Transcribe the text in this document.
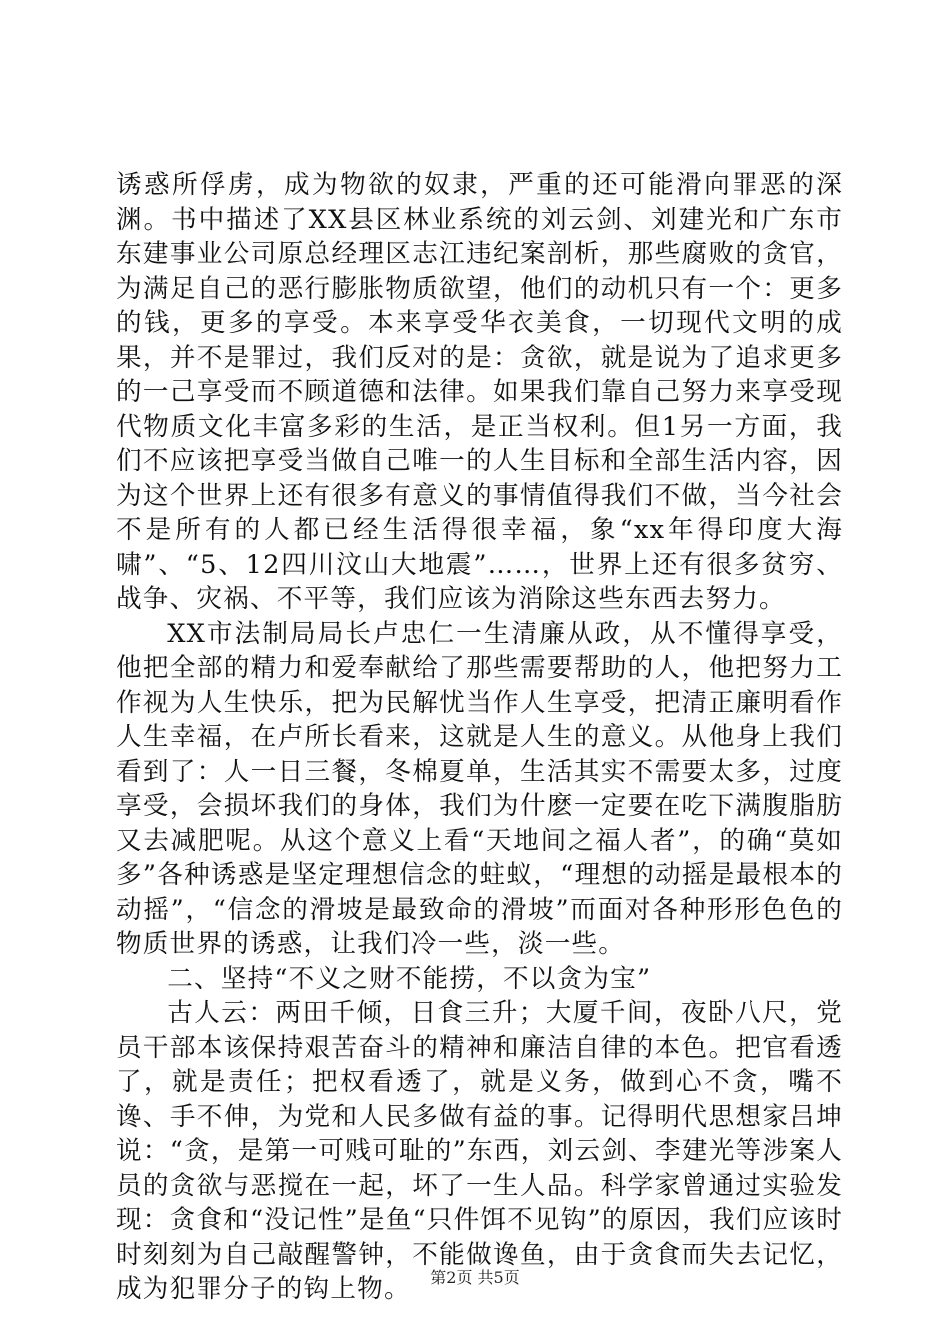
诱惑所俘虏，成为物欲的奴隶，严重的还可能滑向罪恶的深渊。书中描述了XX县区林业系统的刘云剑、刘建光和广东市东建事业公司原总经理区志江违纪案剖析，那些腐败的贪官，为满足自己的恶行膨胀物质欲望，他们的动机只有一个：更多的钱，更多的享受。本来享受华衣美食，一切现代文明的成果，并不是罪过，我们反对的是：贪欲，就是说为了追求更多的一己享受而不顾道德和法律。如果我们靠自己努力来享受现代物质文化丰富多彩的生活，是正当权利。但1另一方面，我们不应该把享受当做自己唯一的人生目标和全部生活内容，因为这个世界上还有很多有意义的事情值得我们不做，当今社会不是所有的人都已经生活得很幸福，象“xx年得印度大海啸”、“5、12四川汶山大地震”……，世界上还有很多贫穷、战争、灾祸、不平等，我们应该为消除这些东西去努力。

XX市法制局局长卢忠仁一生清廉从政，从不懂得享受，他把全部的精力和爱奉献给了那些需要帮助的人，他把努力工作视为人生快乐，把为民解忧当作人生享受，把清正廉明看作人生幸福，在卢所长看来，这就是人生的意义。从他身上我们看到了：人一日三餐，冬棉夏单，生活其实不需要太多，过度享受，会损坏我们的身体，我们为什麽一定要在吃下满腹脂肪又去减肥呢。从这个意义上看“天地间之福人者”，的确“莫如多”各种诱惑是坚定理想信念的蛀蚁，“理想的动摇是最根本的动摇”，“信念的滑坡是最致命的滑坡”而面对各种形形色色的物质世界的诱惑，让我们冷一些，淡一些。

二、坚持“不义之财不能捞，不以贪为宝”

古人云：两田千倾，日食三升；大厦千间，夜卧八尺，党员干部本该保持艰苦奋斗的精神和廉洁自律的本色。把官看透了，就是责任；把权看透了，就是义务，做到心不贪，嘴不谗、手不伸，为党和人民多做有益的事。记得明代思想家吕坤说：“贪，是第一可贱可耻的”东西，刘云剑、李建光等涉案人员的贪欲与恶搅在一起，坏了一生人品。科学家曾通过实验发现：贪食和“没记性”是鱼“只件饵不见钩”的原因，我们应该时时刻刻为自己敲醒警钟，不能做谗鱼，由于贪食而失去记忆，成为犯罪分子的钩上物。	第2页 共5页
